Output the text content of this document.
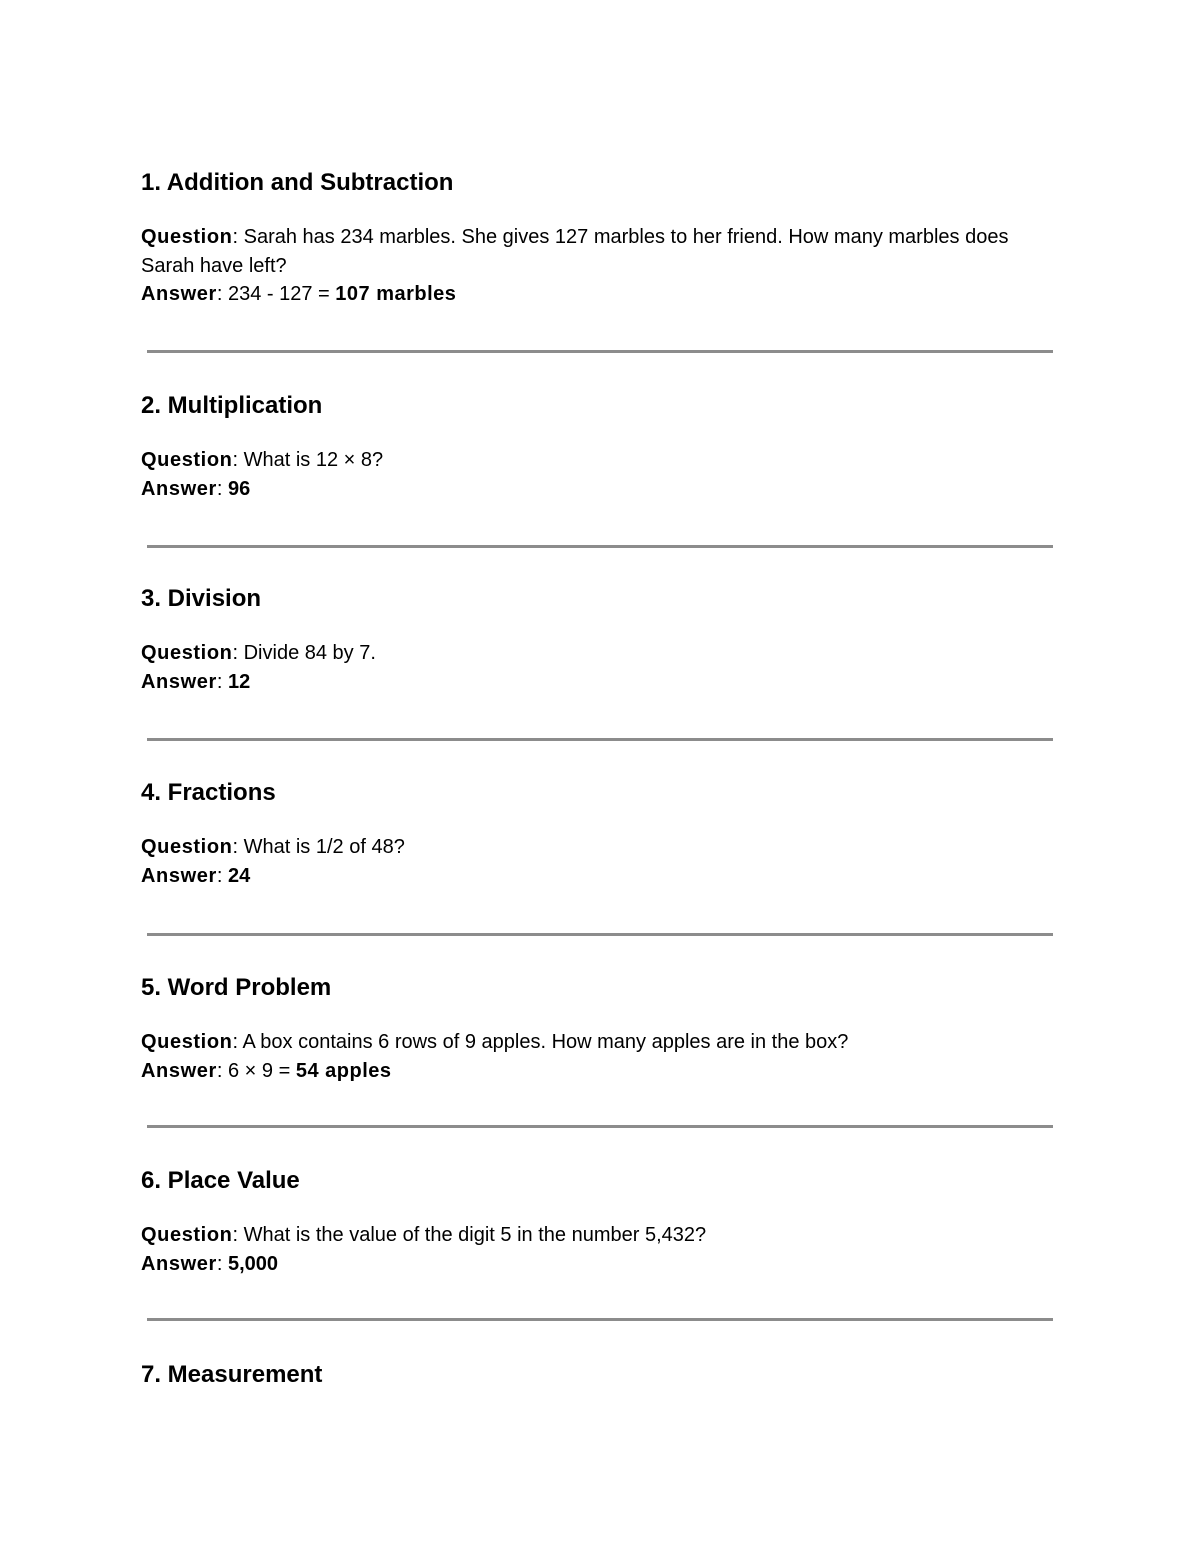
1. Addition and Subtraction

Question: Sarah has 234 marbles. She gives 127 marbles to her friend. How many marbles does Sarah have left?

Answer: 234 - 127 = 107 marbles

2. Multiplication

Question: What is 12 × 8?

Answer: 96

3. Division

Question: Divide 84 by 7.

Answer: 12

4. Fractions

Question: What is 1/2 of 48?

Answer: 24

5. Word Problem

Question: A box contains 6 rows of 9 apples. How many apples are in the box?

Answer: 6 × 9 = 54 apples

6. Place Value

Question: What is the value of the digit 5 in the number 5,432?

Answer: 5,000

7. Measurement
